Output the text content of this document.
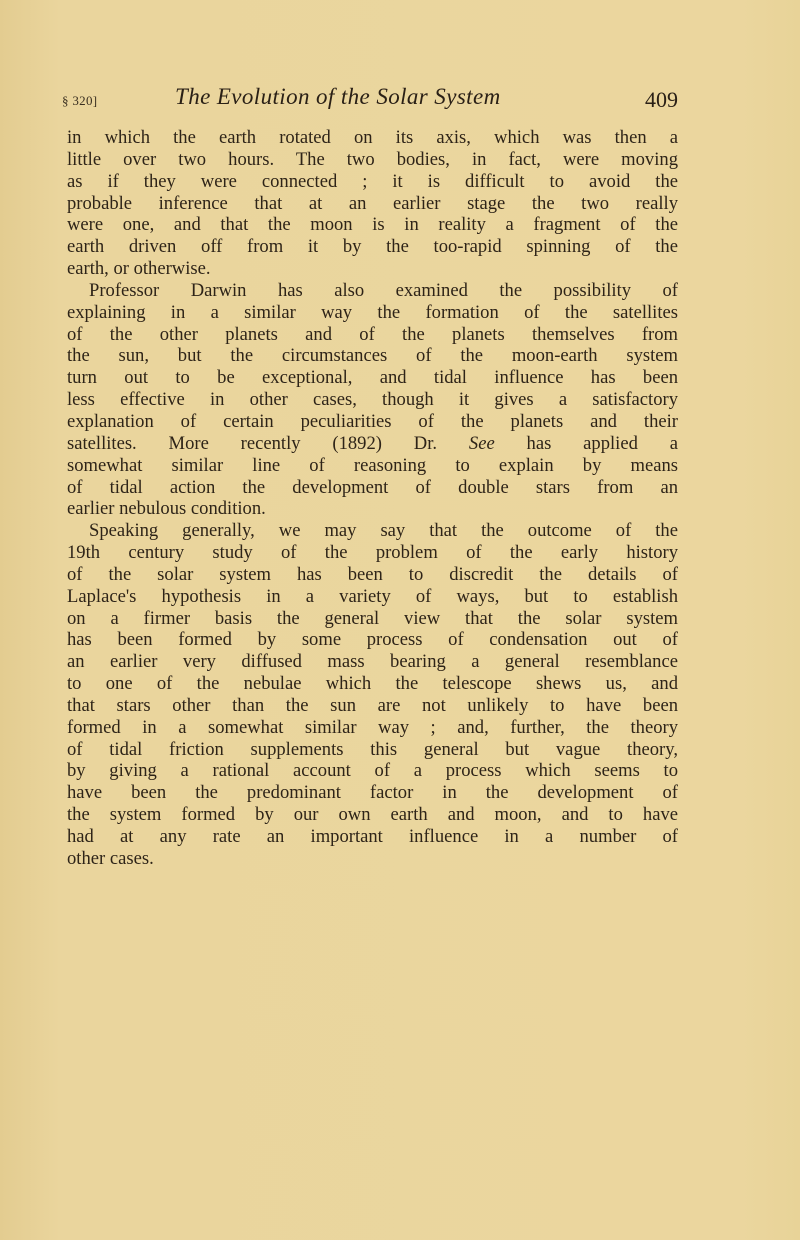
§ 320]	The Evolution of the Solar System	409
in which the earth rotated on its axis, which was then a
little over two hours. The two bodies, in fact, were moving
as if they were connected ; it is difficult to avoid the
probable inference that at an earlier stage the two really
were one, and that the moon is in reality a fragment of the
earth driven off from it by the too-rapid spinning of the
earth, or otherwise.
Professor Darwin has also examined the possibility of
explaining in a similar way the formation of the satellites
of the other planets and of the planets themselves from
the sun, but the circumstances of the moon-earth system
turn out to be exceptional, and tidal influence has been
less effective in other cases, though it gives a satisfactory
explanation of certain peculiarities of the planets and their
satellites. More recently (1892) Dr. See has applied a
somewhat similar line of reasoning to explain by means
of tidal action the development of double stars from an
earlier nebulous condition.
Speaking generally, we may say that the outcome of the
19th century study of the problem of the early history
of the solar system has been to discredit the details of
Laplace's hypothesis in a variety of ways, but to establish
on a firmer basis the general view that the solar system
has been formed by some process of condensation out of
an earlier very diffused mass bearing a general resemblance
to one of the nebulae which the telescope shews us, and
that stars other than the sun are not unlikely to have been
formed in a somewhat similar way ; and, further, the theory
of tidal friction supplements this general but vague theory,
by giving a rational account of a process which seems to
have been the predominant factor in the development of
the system formed by our own earth and moon, and to have
had at any rate an important influence in a number of
other cases.
